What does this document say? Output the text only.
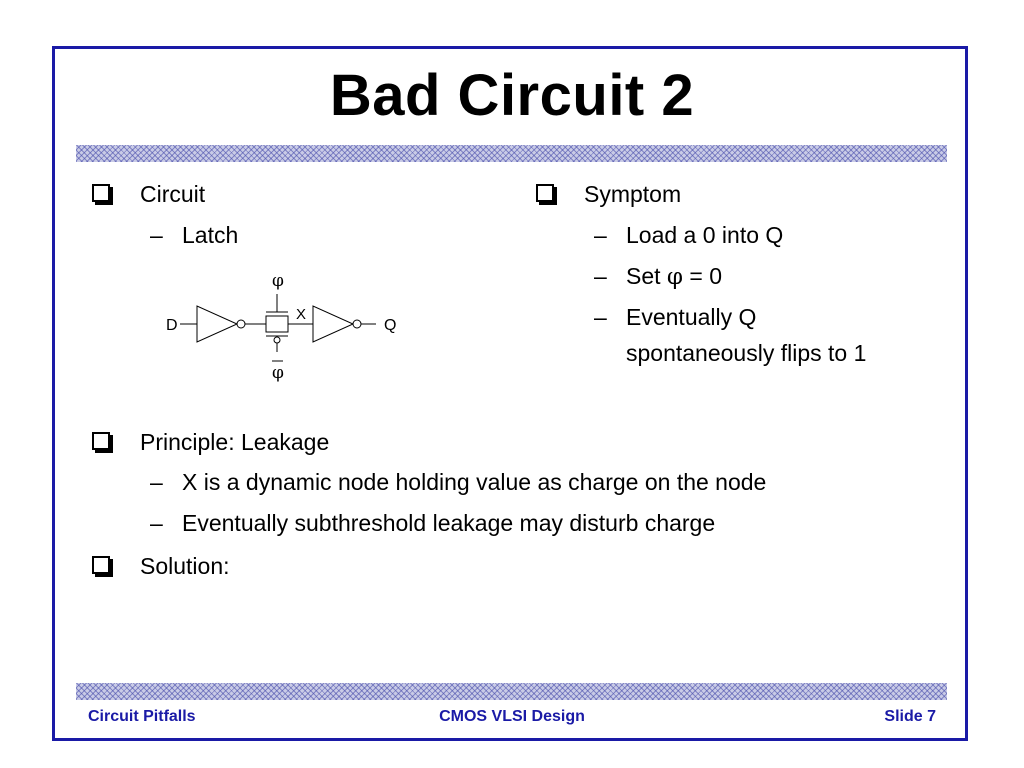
Bad Circuit 2
Circuit
– Latch
D	Q
X
φ
φ
Symptom
– Load a 0 into Q
– Set φ = 0
– Eventually Q
spontaneously flips to 1
Principle: Leakage
– X is a dynamic node holding value as charge on the node
– Eventually subthreshold leakage may disturb charge
Solution:
Circuit Pitfalls	CMOS VLSI Design	Slide 7
